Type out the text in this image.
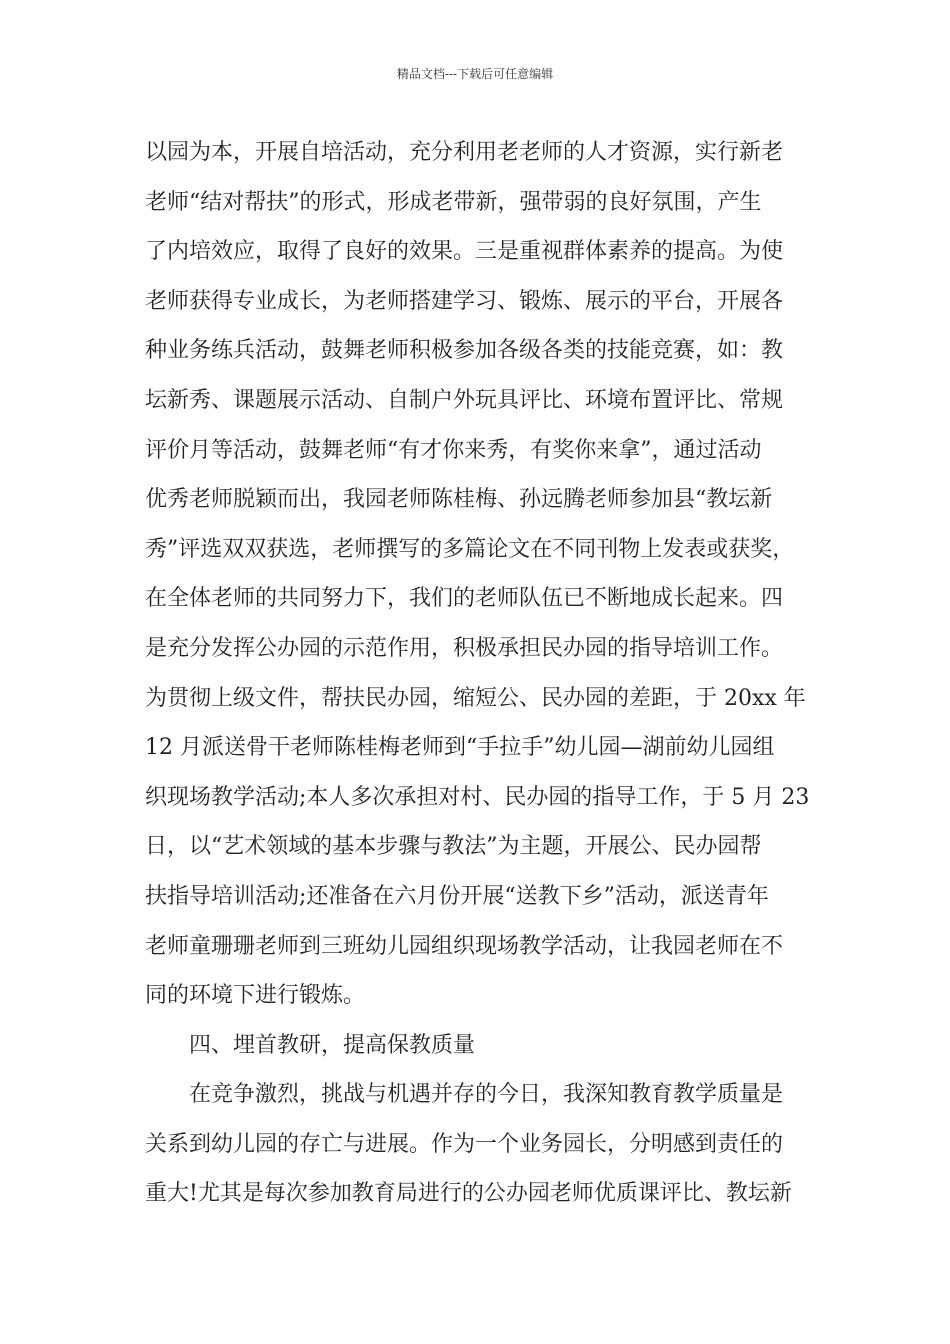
精品文档---下载后可任意编辑
以园为本，开展自培活动，充分利用老老师的人才资源，实行新老
老师“结对帮扶”的形式，形成老带新，强带弱的良好氛围，产生
了内培效应，取得了良好的效果。三是重视群体素养的提高。为使
老师获得专业成长，为老师搭建学习、锻炼、展示的平台，开展各
种业务练兵活动，鼓舞老师积极参加各级各类的技能竞赛，如：教
坛新秀、课题展示活动、自制户外玩具评比、环境布置评比、常规
评价月等活动，鼓舞老师“有才你来秀，有奖你来拿”，通过活动
优秀老师脱颖而出，我园老师陈桂梅、孙远腾老师参加县“教坛新
秀”评选双双获选，老师撰写的多篇论文在不同刊物上发表或获奖，
在全体老师的共同努力下，我们的老师队伍已不断地成长起来。四
是充分发挥公办园的示范作用，积极承担民办园的指导培训工作。
为贯彻上级文件，帮扶民办园，缩短公、民办园的差距，于 20xx 年
12 月派送骨干老师陈桂梅老师到“手拉手”幼儿园—湖前幼儿园组
织现场教学活动;本人多次承担对村、民办园的指导工作，于 5 月 23
日，以“艺术领域的基本步骤与教法”为主题，开展公、民办园帮
扶指导培训活动;还准备在六月份开展“送教下乡”活动，派送青年
老师童珊珊老师到三班幼儿园组织现场教学活动，让我园老师在不
同的环境下进行锻炼。
四、埋首教研，提高保教质量
在竞争激烈，挑战与机遇并存的今日，我深知教育教学质量是
关系到幼儿园的存亡与进展。作为一个业务园长，分明感到责任的
重大!尤其是每次参加教育局进行的公办园老师优质课评比、教坛新
